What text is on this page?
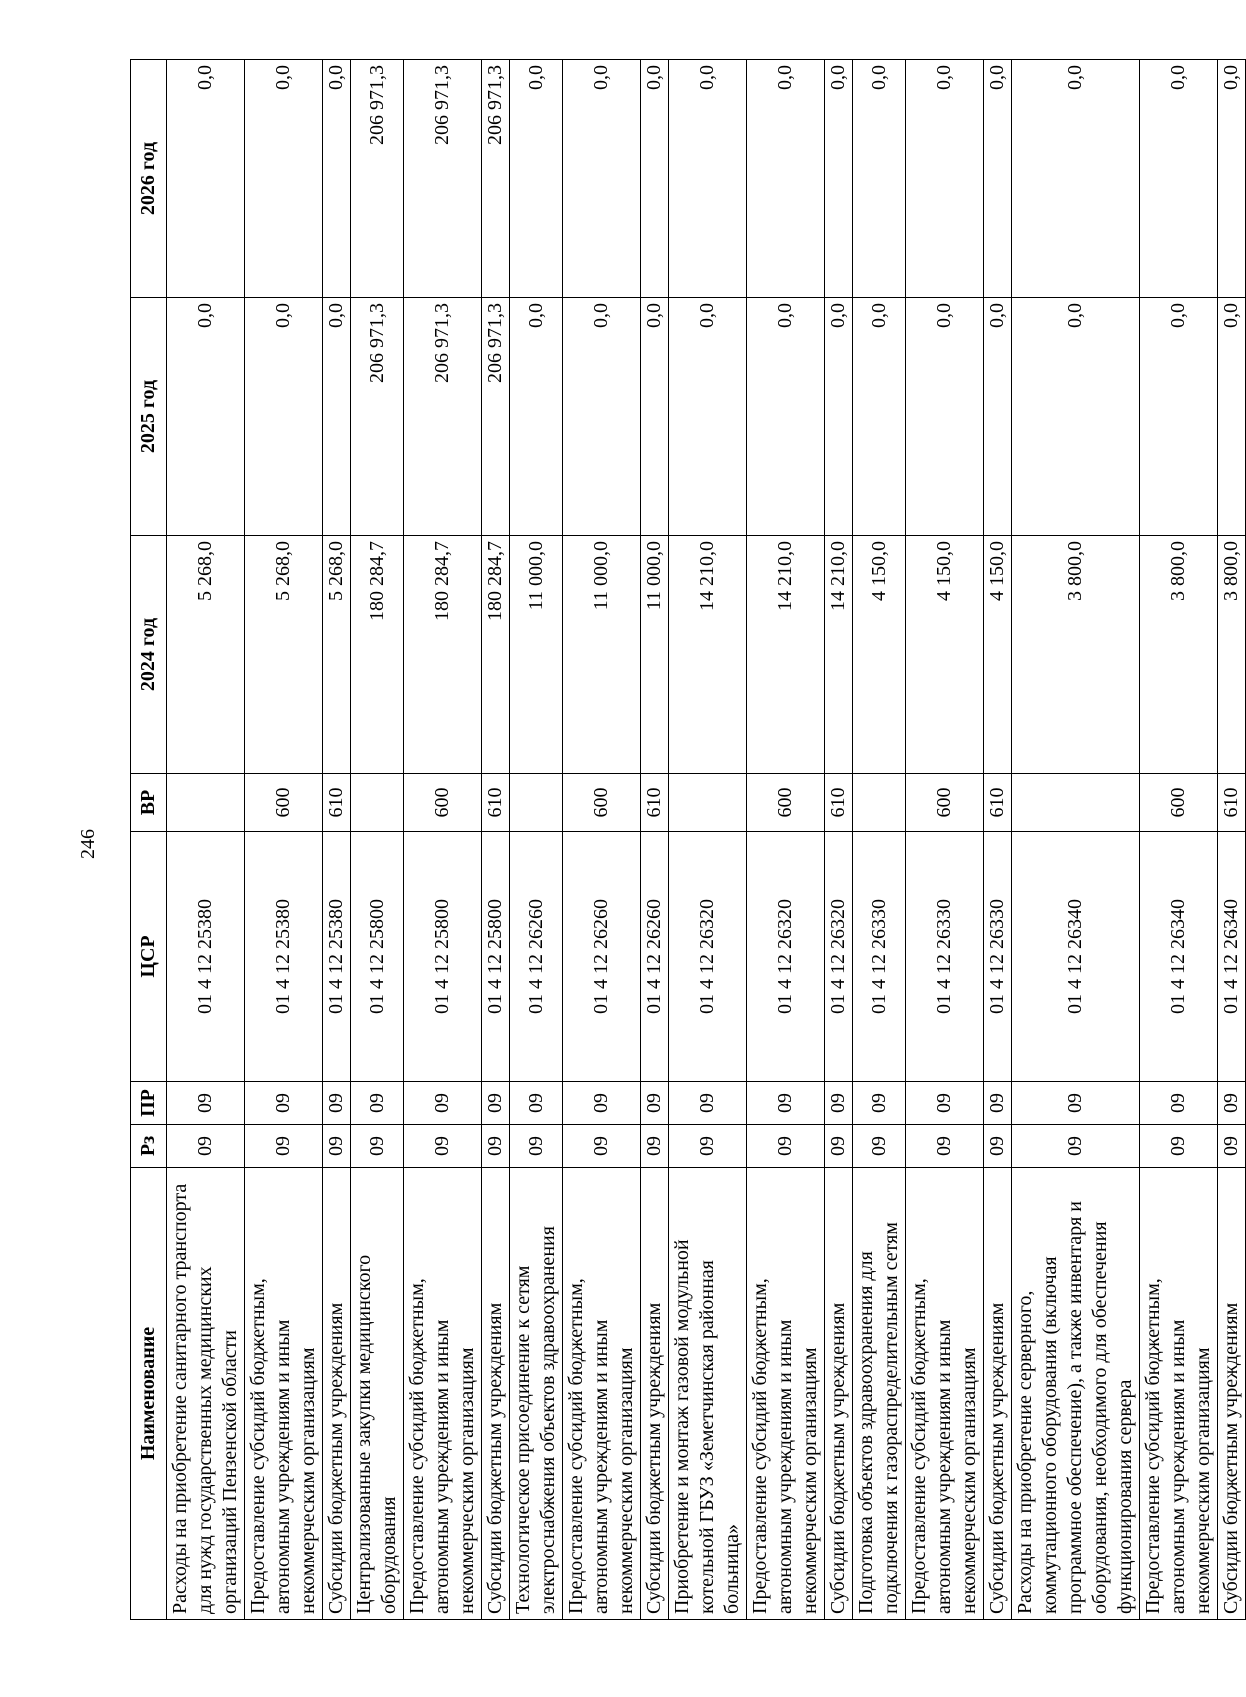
246
Наименование	Рз	ПР	ЦСР	ВР	2024 год	2025 год	2026 год
Расходы на приобретение санитарного транспорта для нужд государственных медицинских организаций Пензенской области	09	09	01 4 12 25380		5 268,0	0,0	0,0
Предоставление субсидий бюджетным, автономным учреждениям и иным некоммерческим организациям	09	09	01 4 12 25380	600	5 268,0	0,0	0,0
Субсидии бюджетным учреждениям	09	09	01 4 12 25380	610	5 268,0	0,0	0,0
Централизованные закупки медицинского оборудования	09	09	01 4 12 25800		180 284,7	206 971,3	206 971,3
Предоставление субсидий бюджетным, автономным учреждениям и иным некоммерческим организациям	09	09	01 4 12 25800	600	180 284,7	206 971,3	206 971,3
Субсидии бюджетным учреждениям	09	09	01 4 12 25800	610	180 284,7	206 971,3	206 971,3
Технологическое присоединение к сетям электроснабжения объектов здравоохранения	09	09	01 4 12 26260		11 000,0	0,0	0,0
Предоставление субсидий бюджетным, автономным учреждениям и иным некоммерческим организациям	09	09	01 4 12 26260	600	11 000,0	0,0	0,0
Субсидии бюджетным учреждениям	09	09	01 4 12 26260	610	11 000,0	0,0	0,0
Приобретение и монтаж газовой модульной котельной ГБУЗ «Земетчинская районная больница»	09	09	01 4 12 26320		14 210,0	0,0	0,0
Предоставление субсидий бюджетным, автономным учреждениям и иным некоммерческим организациям	09	09	01 4 12 26320	600	14 210,0	0,0	0,0
Субсидии бюджетным учреждениям	09	09	01 4 12 26320	610	14 210,0	0,0	0,0
Подготовка объектов здравоохранения для подключения к газораспределительным сетям	09	09	01 4 12 26330		4 150,0	0,0	0,0
Предоставление субсидий бюджетным, автономным учреждениям и иным некоммерческим организациям	09	09	01 4 12 26330	600	4 150,0	0,0	0,0
Субсидии бюджетным учреждениям	09	09	01 4 12 26330	610	4 150,0	0,0	0,0
Расходы на приобретение серверного, коммутационного оборудования (включая программное обеспечение), а также инвентаря и оборудования, необходимого для обеспечения функционирования сервера	09	09	01 4 12 26340		3 800,0	0,0	0,0
Предоставление субсидий бюджетным, автономным учреждениям и иным некоммерческим организациям	09	09	01 4 12 26340	600	3 800,0	0,0	0,0
Субсидии бюджетным учреждениям	09	09	01 4 12 26340	610	3 800,0	0,0	0,0
